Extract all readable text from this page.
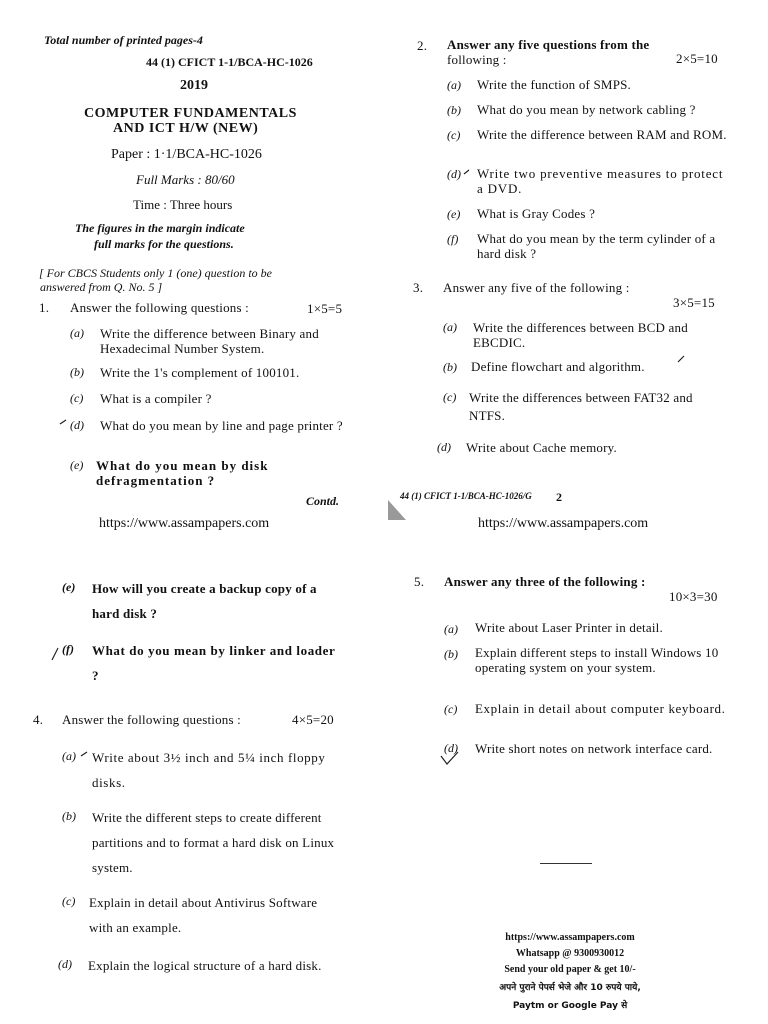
Total number of printed pages-4
44 (1) CFICT 1-1/BCA-HC-1026
2019
COMPUTER FUNDAMENTALS
AND ICT H/W (NEW)
Paper : 1·1/BCA-HC-1026
Full Marks : 80/60
Time : Three hours
The figures in the margin indicate
full marks for the questions.
[ For CBCS Students only 1 (one) question to be
answered from Q. No. 5 ]
1. Answer the following questions :	1×5=5
(a) Write the difference between Binary and Hexadecimal Number System.
(b) Write the 1's complement of 100101.
(c) What is a compiler ?
(d) What do you mean by line and page printer ?
(e) What do you mean by disk defragmentation ?
Contd.
https://www.assampapers.com
2. Answer any five questions from the
following :	2×5=10
(a) Write the function of SMPS.
(b) What do you mean by network cabling ?
(c) Write the difference between RAM and ROM.
(d) Write two preventive measures to protect a DVD.
(e) What is Gray Codes ?
(f) What do you mean by the term cylinder of a hard disk ?
3. Answer any five of the following :
3×5=15
(a) Write the differences between BCD and EBCDIC.
(b) Define flowchart and algorithm.
(c) Write the differences between FAT32 and NTFS.
(d) Write about Cache memory.
44 (1) CFICT 1-1/BCA-HC-1026/G 2
https://www.assampapers.com
(e) How will you create a backup copy of a hard disk ?
(f) What do you mean by linker and loader ?
4. Answer the following questions :	4×5=20
(a) Write about 3½ inch and 5¼ inch floppy disks.
(b) Write the different steps to create different partitions and to format a hard disk on Linux system.
(c) Explain in detail about Antivirus Software with an example.
(d) Explain the logical structure of a hard disk.
5. Answer any three of the following :
10×3=30
(a) Write about Laser Printer in detail.
(b) Explain different steps to install Windows 10 operating system on your system.
(c) Explain in detail about computer keyboard.
(d) Write short notes on network interface card.
https://www.assampapers.com
Whatsapp @ 9300930012
Send your old paper & get 10/-
अपने पुराने पेपर्स भेजे और 10 रुपये पाये,
Paytm or Google Pay से
